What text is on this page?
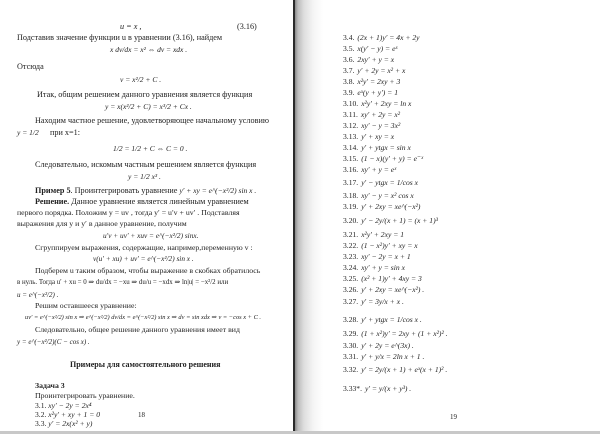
u = x ,	(3.16)
Подставив значение функции u в уравнении (3.16), найдем
x dv/dx = x² ⇔ dv = xdx .
Отсюда
v = x²/2 + C .
Итак, общим решением данного уравнения является функция
y = x(x²/2 + C) = x³/2 + Cx .
Находим частное решение, удовлетворяющее начальному условию
y = 1/2 при x=1:
1/2 = 1/2 + C ⇔ C = 0 .
Следовательно, искомым частным решением является функция
y = 1/2 x³ .
Пример 5. Проинтегрировать уравнение y′ + xy = e^(−x²/2) sin x .
Решение. Данное уравнение является линейным уравнением
первого порядка. Положим y = uv , тогда y′ = u′v + uv′ . Подставляя
выражения для y и y′ в данное уравнение, получим
u′v + uv′ + xuv = e^(−x²/2) sinx.
Сгруппируем выражения, содержащие, например,переменную v :
v(u′ + xu) + uv′ = e^(−x²/2) sin x .
Подберем u таким образом, чтобы выражение в скобках обратилось
в нуль. Тогда u′ + xu = 0 ⇒ du/dx = −xu ⇒ du/u = −xdx ⇒ ln|u| = −x²/2 или
u = e^(−x²/2) .
Решим оставшееся уравнение:
uv′ = e^(−x²/2) sin x ⇒ e^(−x²/2) dv/dx = e^(−x²/2) sin x ⇒ dv = sin xdx ⇒ v = −cos x + C .
Следовательно, общее решение данного уравнения имеет вид
y = e^(−x²/2)(C − cos x) .
Примеры для самостоятельного решения
Задача 3
Проинтегрировать уравнение.
3.1. xy′ − 2y = 2x⁴
3.2. x²y′ + xy + 1 = 0
3.3. y′ = 2x(x² + y)
18
3.4. (2x + 1)y′ = 4x + 2y
3.5. x(y′ − y) = eˣ
3.6. 2xy′ + y = x
3.7. y′ + 2y = x² + x
3.8. x²y′ = 2xy + 3
3.9. eˣ(y + y′) = 1
3.10. x²y′ + 2xy = ln x
3.11. xy′ + 2y = x²
3.12. xy′ − y = 3x²
3.13. y′ + xy = x
3.14. y′ + ytgx = sin x
3.15. (1 − x)(y′ + y) = e⁻ˣ
3.16. xy′ + y = eˣ
3.17. y′ − ytgx = 1/cos x
3.18. xy′ − y = x² cos x
3.19. y′ + 2xy = xe^(−x²)
3.20. y′ − 2y/(x + 1) = (x + 1)³
3.21. x²y′ + 2xy = 1
3.22. (1 − x²)y′ + xy = x
3.23. xy′ − 2y = x + 1
3.24. xy′ + y = sin x
3.25. (x² + 1)y′ + 4xy = 3
3.26. y′ + 2xy = xe^(−x²) .
3.27. y′ = 3y/x + x .
3.28. y′ + ytgx = 1/cos x .
3.29. (1 + x²)y′ = 2xy + (1 + x²)² .
3.30. y′ + 2y = e^(3x) .
3.31. y′ + y/x = 2ln x + 1 .
3.32. y′ = 2y/(x + 1) + eˣ(x + 1)² .
3.33*. y′ = y/(x + y³) .
19
